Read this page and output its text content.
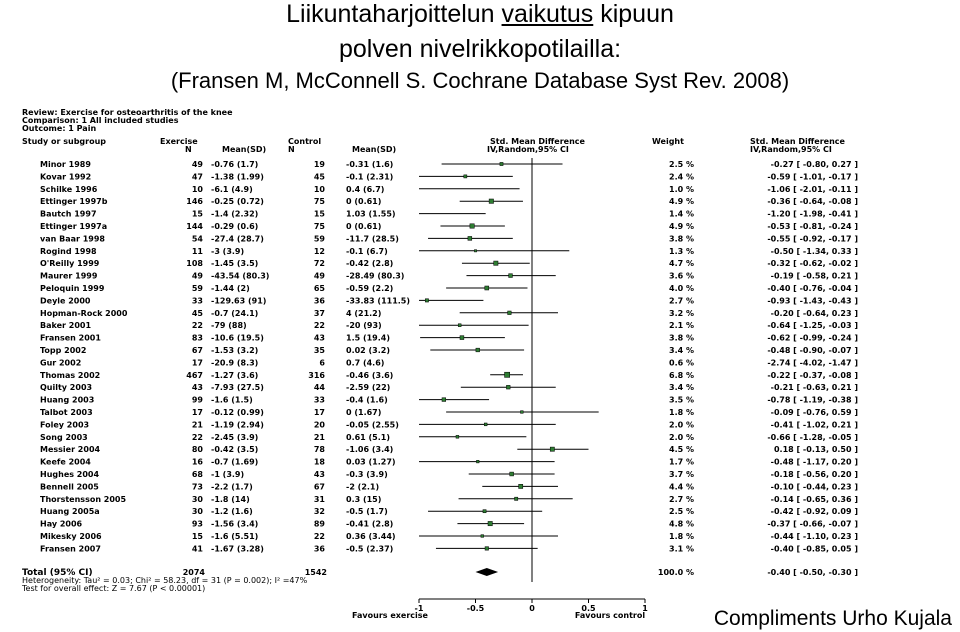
Liikuntaharjoittelun vaikutus kipuun
polven nivelrikkopotilailla:
(Fransen M, McConnell S. Cochrane Database Syst Rev. 2008)
Review: Exercise for osteoarthritis of the knee
Comparison: 1 All included studies
Outcome: 1 Pain
Study or subgroup	Exercise
N	Mean(SD)
Control
N	Mean(SD)
Std. Mean Difference
IV,Random,95% CI
Weight	Std. Mean Difference
IV,Random,95% CI
Minor 1989	49 -0.76 (1.7)	19	-0.31 (1.6)	2.5 %	-0.27 [ -0.80, 0.27 ]
Kovar 1992	47 -1.38 (1.99)	45	-0.1 (2.31)	2.4 %	-0.59 [ -1.01, -0.17 ]
Schilke 1996	10 -6.1 (4.9)	10	0.4 (6.7)	1.0 %	-1.06 [ -2.01, -0.11 ]
Ettinger 1997b	146 -0.25 (0.72)	75	0 (0.61)	4.9 %	-0.36 [ -0.64, -0.08 ]
Bautch 1997	15 -1.4 (2.32)	15	1.03 (1.55)	1.4 %	-1.20 [ -1.98, -0.41 ]
Ettinger 1997a	144 -0.29 (0.6)	75	0 (0.61)	4.9 %	-0.53 [ -0.81, -0.24 ]
van Baar 1998	54 -27.4 (28.7)	59	-11.7 (28.5)	3.8 %	-0.55 [ -0.92, -0.17 ]
Rogind 1998	11 -3 (3.9)	12	-0.1 (6.7)	1.3 %	-0.50 [ -1.34, 0.33 ]
O'Reilly 1999	108 -1.45 (3.5)	72	-0.42 (2.8)	4.7 %	-0.32 [ -0.62, -0.02 ]
Maurer 1999	49 -43.54 (80.3)	49	-28.49 (80.3)	3.6 %	-0.19 [ -0.58, 0.21 ]
Peloquin 1999	59 -1.44 (2)	65	-0.59 (2.2)	4.0 %	-0.40 [ -0.76, -0.04 ]
Deyle 2000	33 -129.63 (91)	36	-33.83 (111.5)	2.7 %	-0.93 [ -1.43, -0.43 ]
Hopman-Rock 2000	45 -0.7 (24.1)	37	4 (21.2)	3.2 %	-0.20 [ -0.64, 0.23 ]
Baker 2001	22 -79 (88)	22	-20 (93)	2.1 %	-0.64 [ -1.25, -0.03 ]
Fransen 2001	83 -10.6 (19.5)	43	1.5 (19.4)	3.8 %	-0.62 [ -0.99, -0.24 ]
Topp 2002	67 -1.53 (3.2)	35	0.02 (3.2)	3.4 %	-0.48 [ -0.90, -0.07 ]
Gur 2002	17 -20.9 (8.3)	6	0.7 (4.6)	0.6 %	-2.74 [ -4.02, -1.47 ]
Thomas 2002	467 -1.27 (3.6)	316	-0.46 (3.6)	6.8 %	-0.22 [ -0.37, -0.08 ]
Quilty 2003	43 -7.93 (27.5)	44	-2.59 (22)	3.4 %	-0.21 [ -0.63, 0.21 ]
Huang 2003	99 -1.6 (1.5)	33	-0.4 (1.6)	3.5 %	-0.78 [ -1.19, -0.38 ]
Talbot 2003	17 -0.12 (0.99)	17	0 (1.67)	1.8 %	-0.09 [ -0.76, 0.59 ]
Foley 2003	21 -1.19 (2.94)	20	-0.05 (2.55)	2.0 %	-0.41 [ -1.02, 0.21 ]
Song 2003	22 -2.45 (3.9)	21	0.61 (5.1)	2.0 %	-0.66 [ -1.28, -0.05 ]
Messier 2004	80 -0.42 (3.5)	78	-1.06 (3.4)	4.5 %	0.18 [ -0.13, 0.50 ]
Keefe 2004	16 -0.7 (1.69)	18	0.03 (1.27)	1.7 %	-0.48 [ -1.17, 0.20 ]
Hughes 2004	68 -1 (3.9)	43	-0.3 (3.9)	3.7 %	-0.18 [ -0.56, 0.20 ]
Bennell 2005	73 -2.2 (1.7)	67	-2 (2.1)	4.4 %	-0.10 [ -0.44, 0.23 ]
Thorstensson 2005	30 -1.8 (14)	31	0.3 (15)	2.7 %	-0.14 [ -0.65, 0.36 ]
Huang 2005a	30 -1.2 (1.6)	32	-0.5 (1.7)	2.5 %	-0.42 [ -0.92, 0.09 ]
Hay 2006	93 -1.56 (3.4)	89	-0.41 (2.8)	4.8 %	-0.37 [ -0.66, -0.07 ]
Mikesky 2006	15 -1.6 (5.51)	22	0.36 (3.44)	1.8 %	-0.44 [ -1.10, 0.23 ]
Fransen 2007	41 -1.67 (3.28)	36	-0.5 (2.37)	3.1 %	-0.40 [ -0.85, 0.05 ]
-1	-0.5	0	0.5	1
Total (95% CI)	2074	1542	100.0 %	-0.40 [ -0.50, -0.30 ]
Heterogeneity: Tau² = 0.03; Chi² = 58.23, df = 31 (P = 0.002); I² =47%
Test for overall effect: Z = 7.67 (P < 0.00001)
Favours exercise	Favours control	Compliments Urho Kujala
